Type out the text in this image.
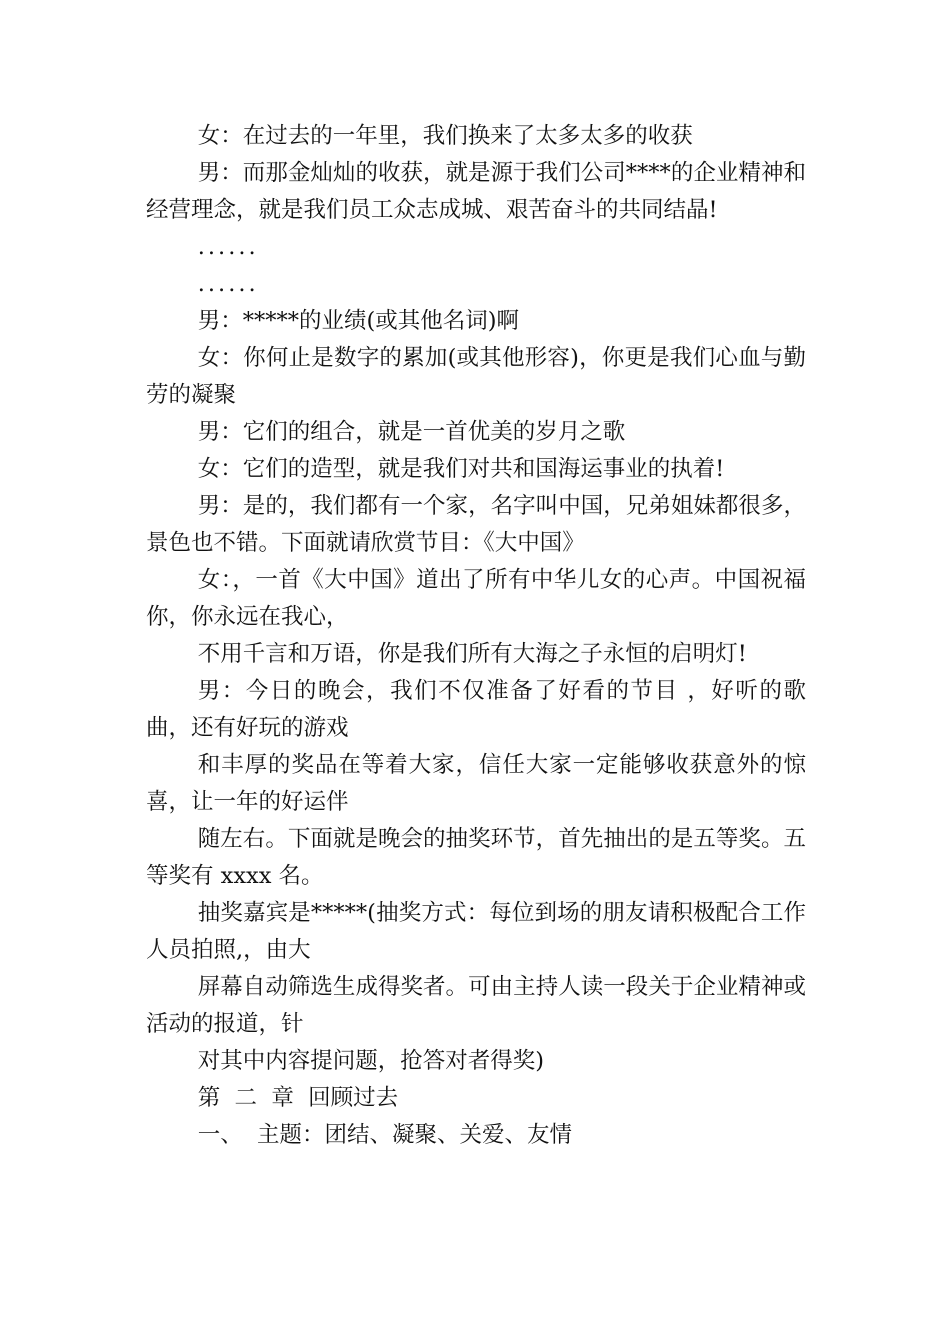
女：在过去的一年里，我们换来了太多太多的收获

男：而那金灿灿的收获，就是源于我们公司****的企业精神和经营理念，就是我们员工众志成城、艰苦奋斗的共同结晶!

......

......

男：*****的业绩(或其他名词)啊

女：你何止是数字的累加(或其他形容)，你更是我们心血与勤劳的凝聚

男：它们的组合，就是一首优美的岁月之歌

女：它们的造型，就是我们对共和国海运事业的执着!

男：是的，我们都有一个家，名字叫中国，兄弟姐妹都很多，景色也不错。下面就请欣赏节目：《大中国》

女：，一首《大中国》道出了所有中华儿女的心声。中国祝福你，你永远在我心，

不用千言和万语，你是我们所有大海之子永恒的启明灯!

男：今日的晚会，我们不仅准备了好看的节目 ，好听的歌曲，还有好玩的游戏

和丰厚的奖品在等着大家，信任大家一定能够收获意外的惊喜，让一年的好运伴

随左右。下面就是晚会的抽奖环节，首先抽出的是五等奖。五等奖有 xxxx 名。

抽奖嘉宾是*****(抽奖方式：每位到场的朋友请积极配合工作人员拍照,，由大

屏幕自动筛选生成得奖者。可由主持人读一段关于企业精神或活动的报道，针

对其中内容提问题，抢答对者得奖)

第  二  章  回顾过去

一、  主题：团结、凝聚、关爱、友情
